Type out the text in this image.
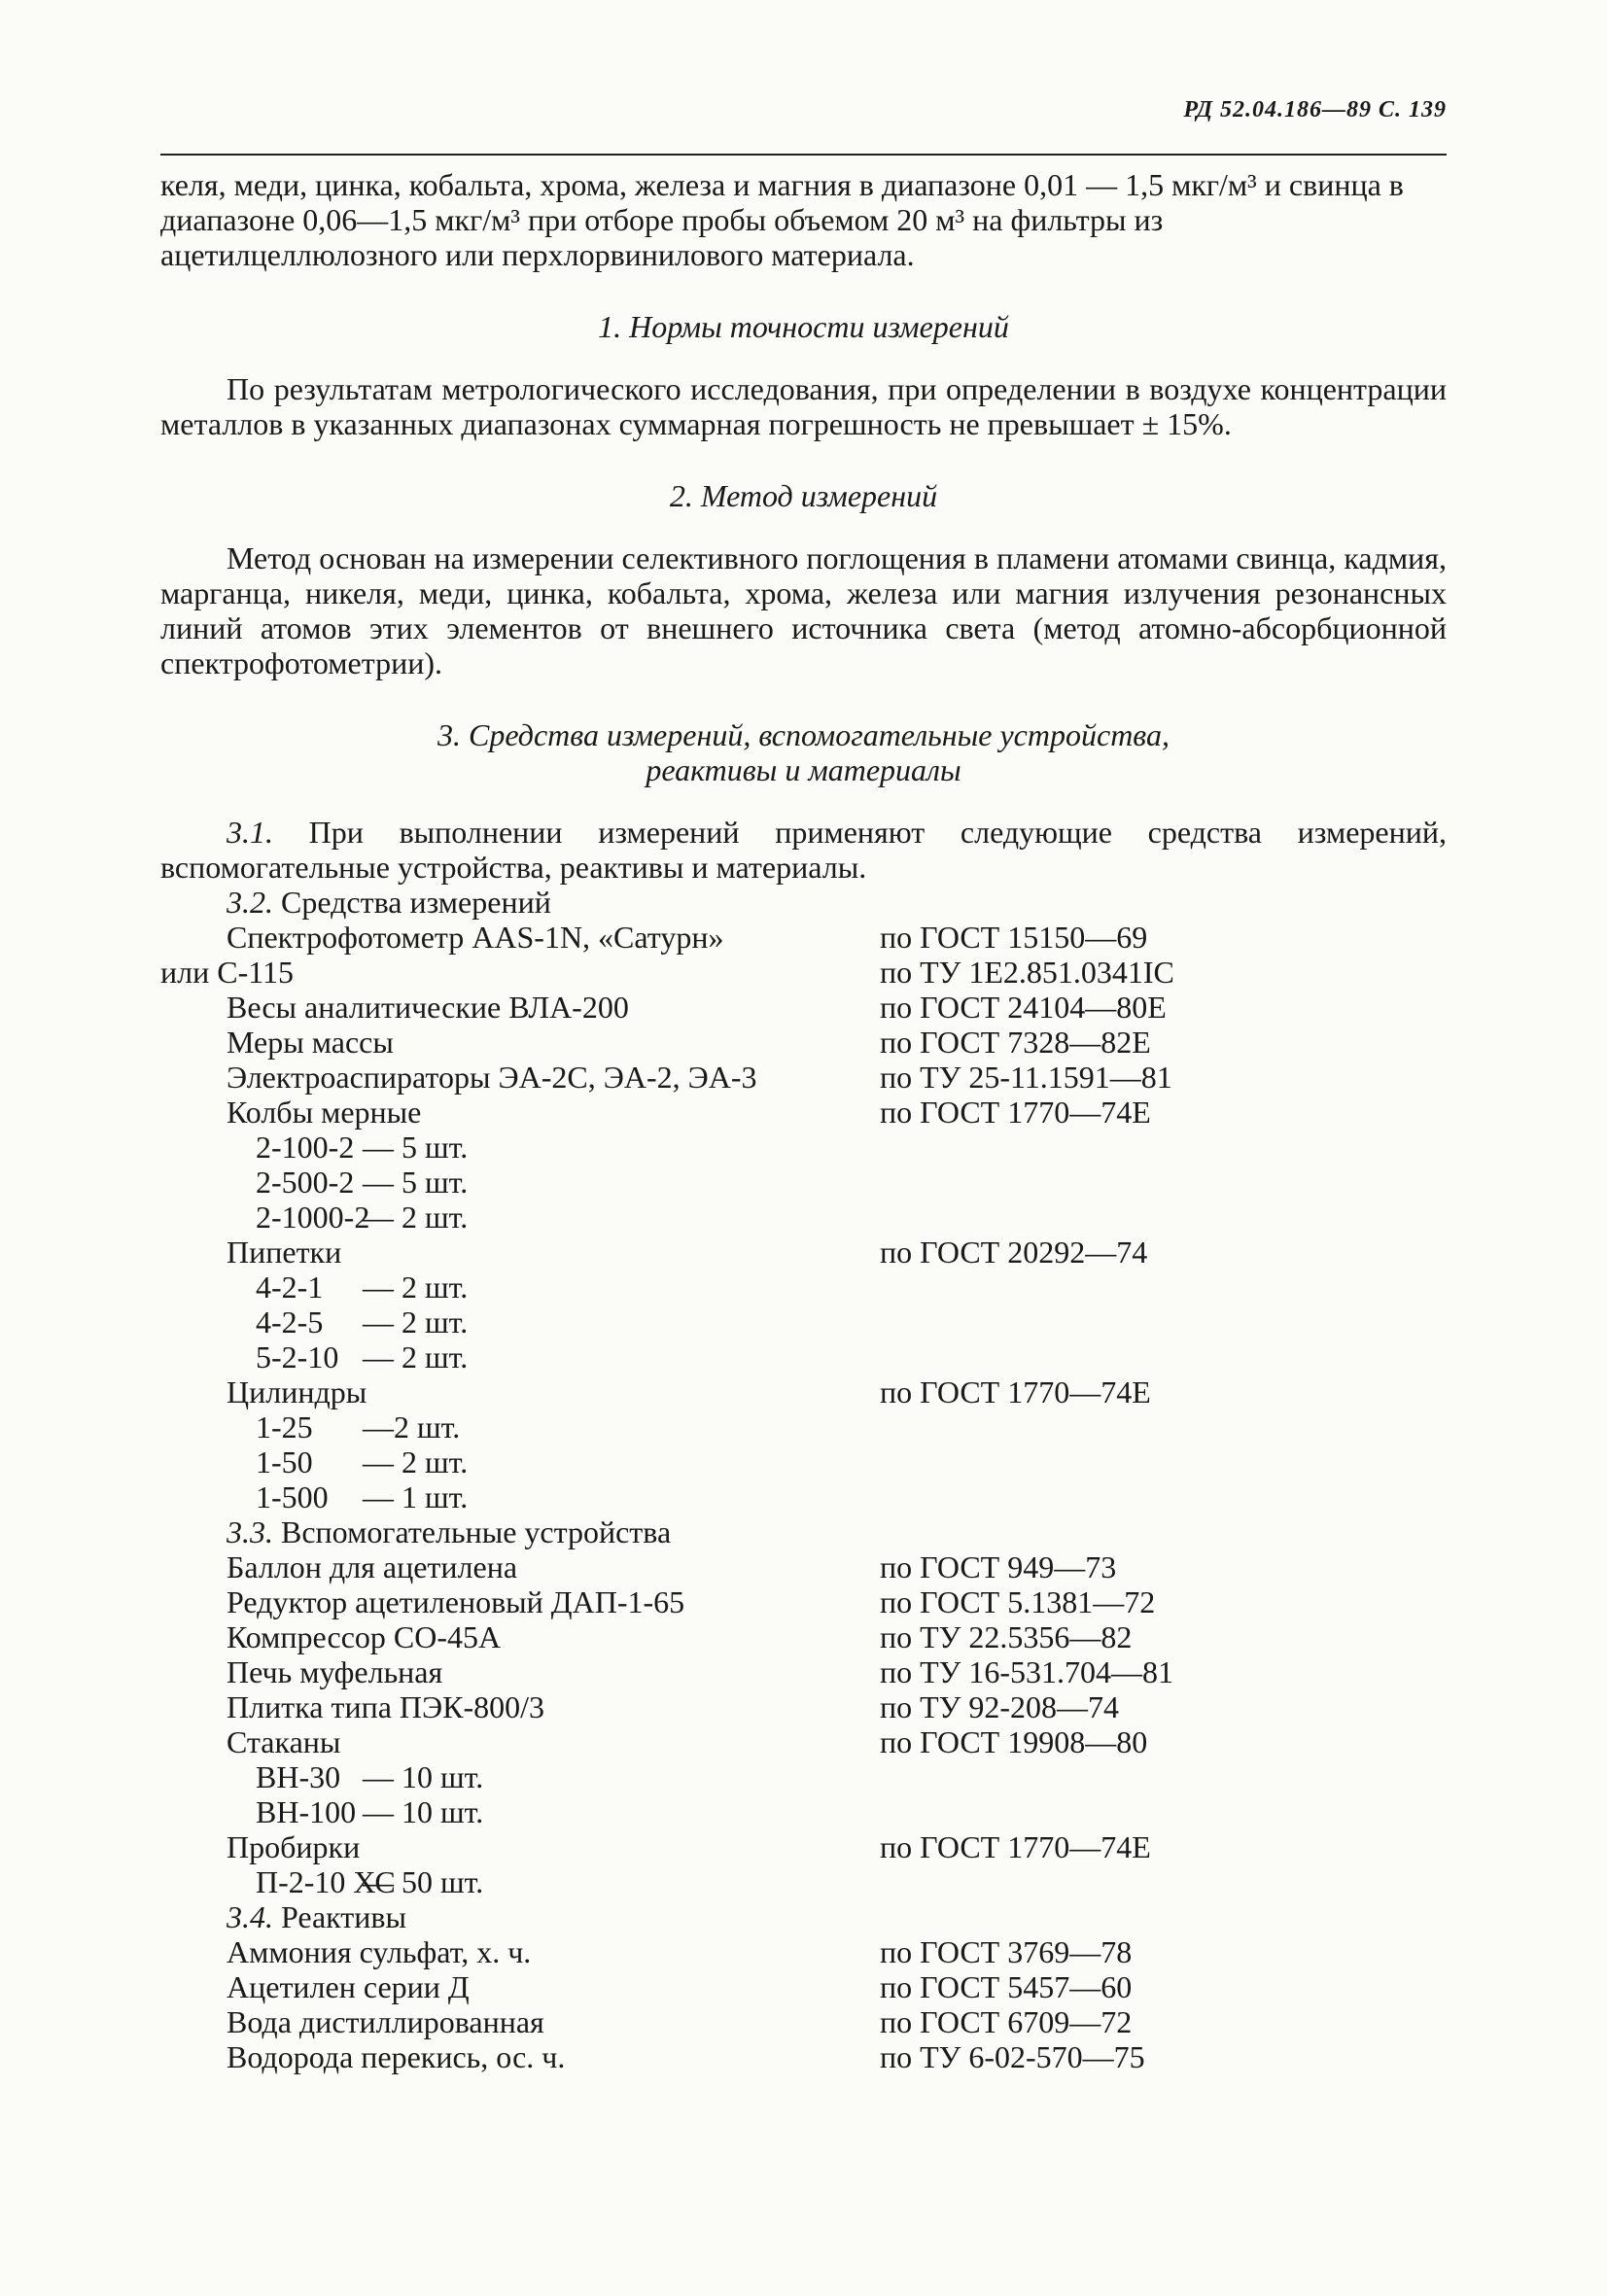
РД 52.04.186—89 С. 139

келя, меди, цинка, кобальта, хрома, железа и магния в диапазоне 0,01 — 1,5 мкг/м³ и свинца в диапазоне 0,06—1,5 мкг/м³ при отборе пробы объемом 20 м³ на фильтры из ацетилцеллюлозного или перхлорвинилового материала.

1. Нормы точности измерений

По результатам метрологического исследования, при определении в воздухе концентрации металлов в указанных диапазонах суммарная погрешность не превышает ± 15%.

2. Метод измерений

Метод основан на измерении селективного поглощения в пламени атомами свинца, кадмия, марганца, никеля, меди, цинка, кобальта, хрома, железа или магния излучения резонансных линий атомов этих элементов от внешнего источника света (метод атомно-абсорбционной спектрофотометрии).

3. Средства измерений, вспомогательные устройства,
реактивы и материалы

3.1. При выполнении измерений применяют следующие средства измерений, вспомогательные устройства, реактивы и материалы.

3.2. Средства измерений
Спектрофотометр AAS-1N, «Сатурн»	по ГОСТ 15150—69
или С-115	по ТУ 1Е2.851.0341ІС
Весы аналитические ВЛА-200	по ГОСТ 24104—80Е
Меры массы	по ГОСТ 7328—82Е
Электроаспираторы ЭА-2С, ЭА-2, ЭА-3	по ТУ 25-11.1591—81
Колбы мерные	по ГОСТ 1770—74Е
2-100-2 — 5 шт.
2-500-2 — 5 шт.
2-1000-2— 2 шт.
Пипетки	по ГОСТ 20292—74
4-2-1 — 2 шт.
4-2-5 — 2 шт.
5-2-10 — 2 шт.
Цилиндры	по ГОСТ 1770—74Е
1-25 —2 шт.
1-50 — 2 шт.
1-500 — 1 шт.
3.3. Вспомогательные устройства
Баллон для ацетилена	по ГОСТ 949—73
Редуктор ацетиленовый ДАП-1-65	по ГОСТ 5.1381—72
Компрессор СО-45А	по ТУ 22.5356—82
Печь муфельная	по ТУ 16-531.704—81
Плитка типа ПЭК-800/3	по ТУ 92-208—74
Стаканы	по ГОСТ 19908—80
ВН-30 — 10 шт.
ВН-100 — 10 шт.
Пробирки	по ГОСТ 1770—74Е
П-2-10 ХС— 50 шт.
3.4. Реактивы
Аммония сульфат, х. ч.	по ГОСТ 3769—78
Ацетилен серии Д	по ГОСТ 5457—60
Вода дистиллированная	по ГОСТ 6709—72
Водорода перекись, ос. ч.	по ТУ 6-02-570—75
